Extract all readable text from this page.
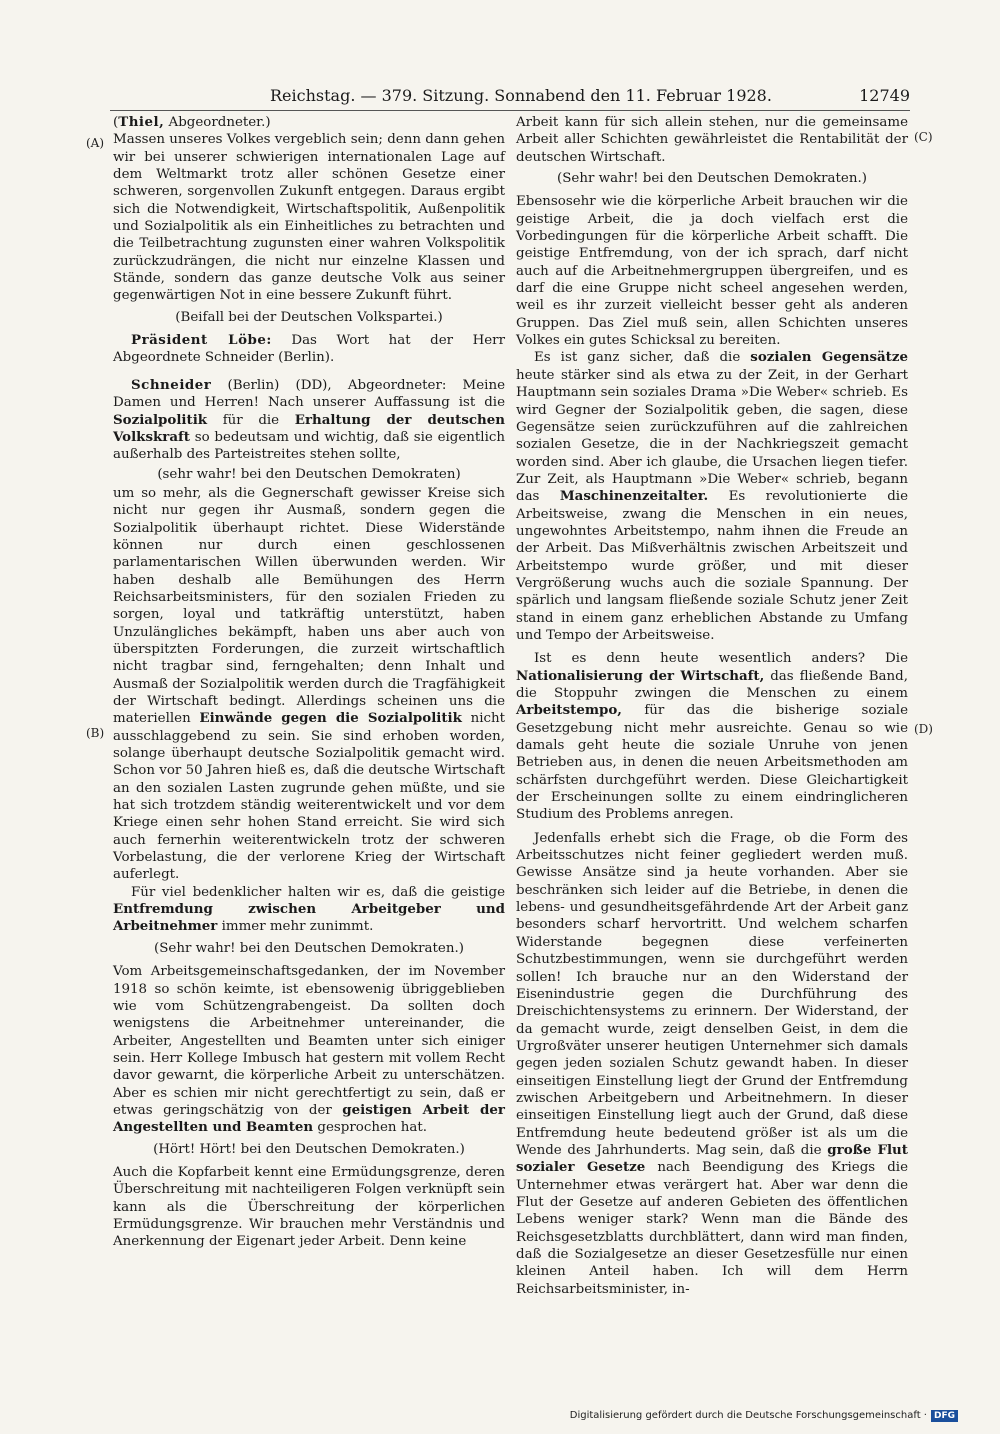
Reichstag. — 379. Sitzung. Sonnabend den 11. Februar 1928.	12749
(A)
(B)
(C)
(D)

(Thiel, Abgeordneter.)

Massen unseres Volkes vergeblich sein; denn dann gehen wir bei unserer schwierigen internationalen Lage auf dem Weltmarkt trotz aller schönen Gesetze einer schweren, sorgenvollen Zukunft entgegen. Daraus ergibt sich die Notwendigkeit, Wirtschaftspolitik, Außenpolitik und Sozialpolitik als ein Einheitliches zu betrachten und die Teilbetrachtung zugunsten einer wahren Volkspolitik zurückzudrängen, die nicht nur einzelne Klassen und Stände, sondern das ganze deutsche Volk aus seiner gegenwärtigen Not in eine bessere Zukunft führt.

(Beifall bei der Deutschen Volkspartei.)

Präsident Löbe: Das Wort hat der Herr Abgeordnete Schneider (Berlin).

Schneider (Berlin) (DD), Abgeordneter: Meine Damen und Herren! Nach unserer Auffassung ist die Sozialpolitik für die Erhaltung der deutschen Volkskraft so bedeutsam und wichtig, daß sie eigentlich außerhalb des Parteistreites stehen sollte,

(sehr wahr! bei den Deutschen Demokraten)

um so mehr, als die Gegnerschaft gewisser Kreise sich nicht nur gegen ihr Ausmaß, sondern gegen die Sozialpolitik überhaupt richtet. Diese Widerstände können nur durch einen geschlossenen parlamentarischen Willen überwunden werden. Wir haben deshalb alle Bemühungen des Herrn Reichsarbeitsministers, für den sozialen Frieden zu sorgen, loyal und tatkräftig unterstützt, haben Unzulängliches bekämpft, haben uns aber auch von überspitzten Forderungen, die zurzeit wirtschaftlich nicht tragbar sind, ferngehalten; denn Inhalt und Ausmaß der Sozialpolitik werden durch die Tragfähigkeit der Wirtschaft bedingt. Allerdings scheinen uns die materiellen Einwände gegen die Sozialpolitik nicht ausschlaggebend zu sein. Sie sind erhoben worden, solange überhaupt deutsche Sozialpolitik gemacht wird. Schon vor 50 Jahren hieß es, daß die deutsche Wirtschaft an den sozialen Lasten zugrunde gehen müßte, und sie hat sich trotzdem ständig weiterentwickelt und vor dem Kriege einen sehr hohen Stand erreicht. Sie wird sich auch fernerhin weiterentwickeln trotz der schweren Vorbelastung, die der verlorene Krieg der Wirtschaft auferlegt.

Für viel bedenklicher halten wir es, daß die geistige Entfremdung zwischen Arbeitgeber und Arbeitnehmer immer mehr zunimmt.

(Sehr wahr! bei den Deutschen Demokraten.)

Vom Arbeitsgemeinschaftsgedanken, der im November 1918 so schön keimte, ist ebensowenig übriggeblieben wie vom Schützengrabengeist. Da sollten doch wenigstens die Arbeitnehmer untereinander, die Arbeiter, Angestellten und Beamten unter sich einiger sein. Herr Kollege Imbusch hat gestern mit vollem Recht davor gewarnt, die körperliche Arbeit zu unterschätzen. Aber es schien mir nicht gerechtfertigt zu sein, daß er etwas geringschätzig von der geistigen Arbeit der Angestellten und Beamten gesprochen hat.

(Hört! Hört! bei den Deutschen Demokraten.)

Auch die Kopfarbeit kennt eine Ermüdungsgrenze, deren Überschreitung mit nachteiligeren Folgen verknüpft sein kann als die Überschreitung der körperlichen Ermüdungsgrenze. Wir brauchen mehr Verständnis und Anerkennung der Eigenart jeder Arbeit. Denn keine

Arbeit kann für sich allein stehen, nur die gemeinsame Arbeit aller Schichten gewährleistet die Rentabilität der deutschen Wirtschaft.

(Sehr wahr! bei den Deutschen Demokraten.)

Ebensosehr wie die körperliche Arbeit brauchen wir die geistige Arbeit, die ja doch vielfach erst die Vorbedingungen für die körperliche Arbeit schafft. Die geistige Entfremdung, von der ich sprach, darf nicht auch auf die Arbeitnehmergruppen übergreifen, und es darf die eine Gruppe nicht scheel angesehen werden, weil es ihr zurzeit vielleicht besser geht als anderen Gruppen. Das Ziel muß sein, allen Schichten unseres Volkes ein gutes Schicksal zu bereiten.

Es ist ganz sicher, daß die sozialen Gegensätze heute stärker sind als etwa zu der Zeit, in der Gerhart Hauptmann sein soziales Drama »Die Weber« schrieb. Es wird Gegner der Sozialpolitik geben, die sagen, diese Gegensätze seien zurückzuführen auf die zahlreichen sozialen Gesetze, die in der Nachkriegszeit gemacht worden sind. Aber ich glaube, die Ursachen liegen tiefer. Zur Zeit, als Hauptmann »Die Weber« schrieb, begann das Maschinenzeitalter. Es revolutionierte die Arbeitsweise, zwang die Menschen in ein neues, ungewohntes Arbeitstempo, nahm ihnen die Freude an der Arbeit. Das Mißverhältnis zwischen Arbeitszeit und Arbeitstempo wurde größer, und mit dieser Vergrößerung wuchs auch die soziale Spannung. Der spärlich und langsam fließende soziale Schutz jener Zeit stand in einem ganz erheblichen Abstande zu Umfang und Tempo der Arbeitsweise.

Ist es denn heute wesentlich anders? Die Nationalisierung der Wirtschaft, das fließende Band, die Stoppuhr zwingen die Menschen zu einem Arbeitstempo, für das die bisherige soziale Gesetzgebung nicht mehr ausreichte. Genau so wie damals geht heute die soziale Unruhe von jenen Betrieben aus, in denen die neuen Arbeitsmethoden am schärfsten durchgeführt werden. Diese Gleichartigkeit der Erscheinungen sollte zu einem eindringlicheren Studium des Problems anregen.

Jedenfalls erhebt sich die Frage, ob die Form des Arbeitsschutzes nicht feiner gegliedert werden muß. Gewisse Ansätze sind ja heute vorhanden. Aber sie beschränken sich leider auf die Betriebe, in denen die lebens- und gesundheitsgefährdende Art der Arbeit ganz besonders scharf hervortritt. Und welchem scharfen Widerstande begegnen diese verfeinerten Schutzbestimmungen, wenn sie durchgeführt werden sollen! Ich brauche nur an den Widerstand der Eisenindustrie gegen die Durchführung des Dreischichtensystems zu erinnern. Der Widerstand, der da gemacht wurde, zeigt denselben Geist, in dem die Urgroßväter unserer heutigen Unternehmer sich damals gegen jeden sozialen Schutz gewandt haben. In dieser einseitigen Einstellung liegt der Grund der Entfremdung zwischen Arbeitgebern und Arbeitnehmern. In dieser einseitigen Einstellung liegt auch der Grund, daß diese Entfremdung heute bedeutend größer ist als um die Wende des Jahrhunderts. Mag sein, daß die große Flut sozialer Gesetze nach Beendigung des Kriegs die Unternehmer etwas verärgert hat. Aber war denn die Flut der Gesetze auf anderen Gebieten des öffentlichen Lebens weniger stark? Wenn man die Bände des Reichsgesetzblatts durchblättert, dann wird man finden, daß die Sozialgesetze an dieser Gesetzesfülle nur einen kleinen Anteil haben. Ich will dem Herrn Reichsarbeitsminister, in-

Digitalisierung gefördert durch die Deutsche Forschungsgemeinschaft · DFG
